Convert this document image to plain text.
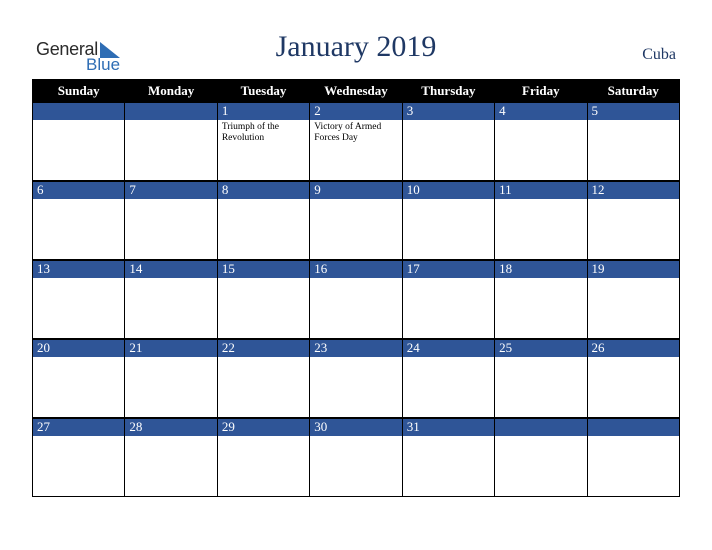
General
Blue
January 2019	Cuba
Sunday	Monday	Tuesday	Wednesday	Thursday	Friday	Saturday
		1	2	3	4	5
		Triumph of the Revolution	Victory of Armed Forces Day			

6	7	8	9	10	11	12

13	14	15	16	17	18	19

20	21	22	23	24	25	26

27	28	29	30	31		
